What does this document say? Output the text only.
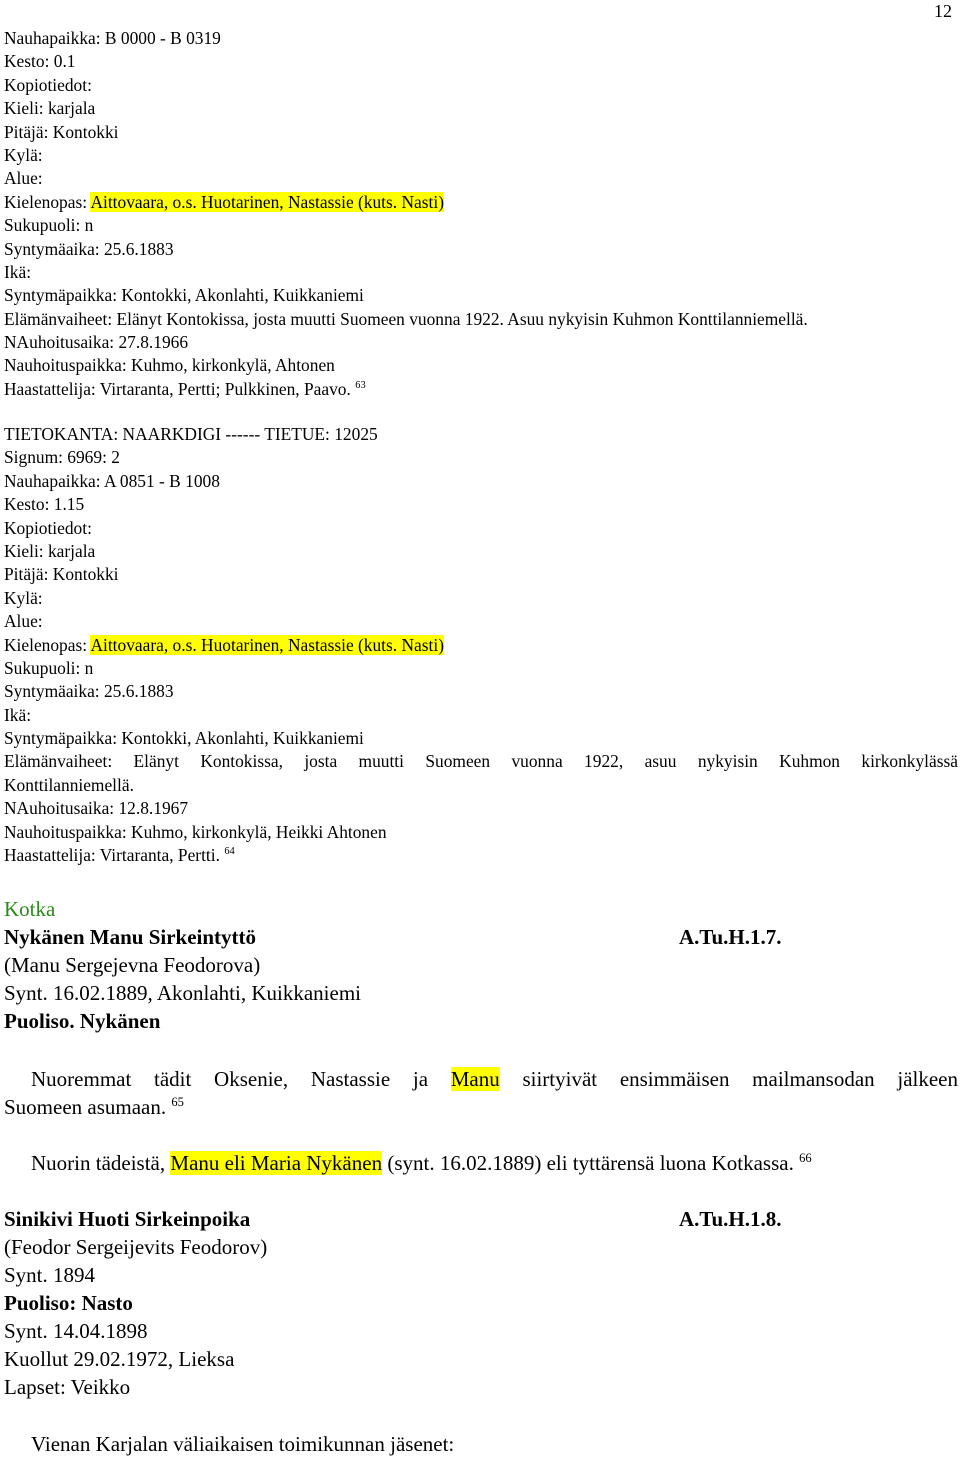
12
Nauhapaikka: B 0000 - B 0319
Kesto: 0.1
Kopiotiedot:
Kieli: karjala
Pitäjä: Kontokki
Kylä:
Alue:
Kielenopas: Aittovaara, o.s. Huotarinen, Nastassie (kuts. Nasti)
Sukupuoli: n
Syntymäaika: 25.6.1883
Ikä:
Syntymäpaikka: Kontokki, Akonlahti, Kuikkaniemi
Elämänvaiheet: Elänyt Kontokissa, josta muutti Suomeen vuonna 1922. Asuu nykyisin Kuhmon Konttilanniemellä.
NAuhoitusaika: 27.8.1966
Nauhoituspaikka: Kuhmo, kirkonkylä, Ahtonen
Haastattelija: Virtaranta, Pertti; Pulkkinen, Paavo. $^{63}$
TIETOKANTA: NAARKDIGI ------ TIETUE: 12025
Signum: 6969: 2
Nauhapaikka: A 0851 - B 1008
Kesto: 1.15
Kopiotiedot:
Kieli: karjala
Pitäjä: Kontokki
Kylä:
Alue:
Kielenopas: Aittovaara, o.s. Huotarinen, Nastassie (kuts. Nasti)
Sukupuoli: n
Syntymäaika: 25.6.1883
Ikä:
Syntymäpaikka: Kontokki, Akonlahti, Kuikkaniemi
Elämänvaiheet: Elänyt Kontokissa, josta muutti Suomeen vuonna 1922, asuu nykyisin Kuhmon kirkonkylässä
Konttilanniemellä.
NAuhoitusaika: 12.8.1967
Nauhoituspaikka: Kuhmo, kirkonkylä, Heikki Ahtonen
Haastattelija: Virtaranta, Pertti. $^{64}$
Kotka
Nykänen Manu Sirkeintyttö	A.Tu.H.1.7.
(Manu Sergejevna Feodorova)
Synt. 16.02.1889, Akonlahti, Kuikkaniemi
Puoliso. Nykänen
Nuoremmat tädit Oksenie, Nastassie ja Manu siirtyivät ensimmäisen mailmansodan jälkeen
Suomeen asumaan. $^{65}$
Nuorin tädeistä, Manu eli Maria Nykänen (synt. 16.02.1889) eli tyttärensä luona Kotkassa. $^{66}$
Sinikivi Huoti Sirkeinpoika	A.Tu.H.1.8.
(Feodor Sergeijevits Feodorov)
Synt. 1894
Puoliso: Nasto
Synt. 14.04.1898
Kuollut 29.02.1972, Lieksa
Lapset: Veikko
Vienan Karjalan väliaikaisen toimikunnan jäsenet:
